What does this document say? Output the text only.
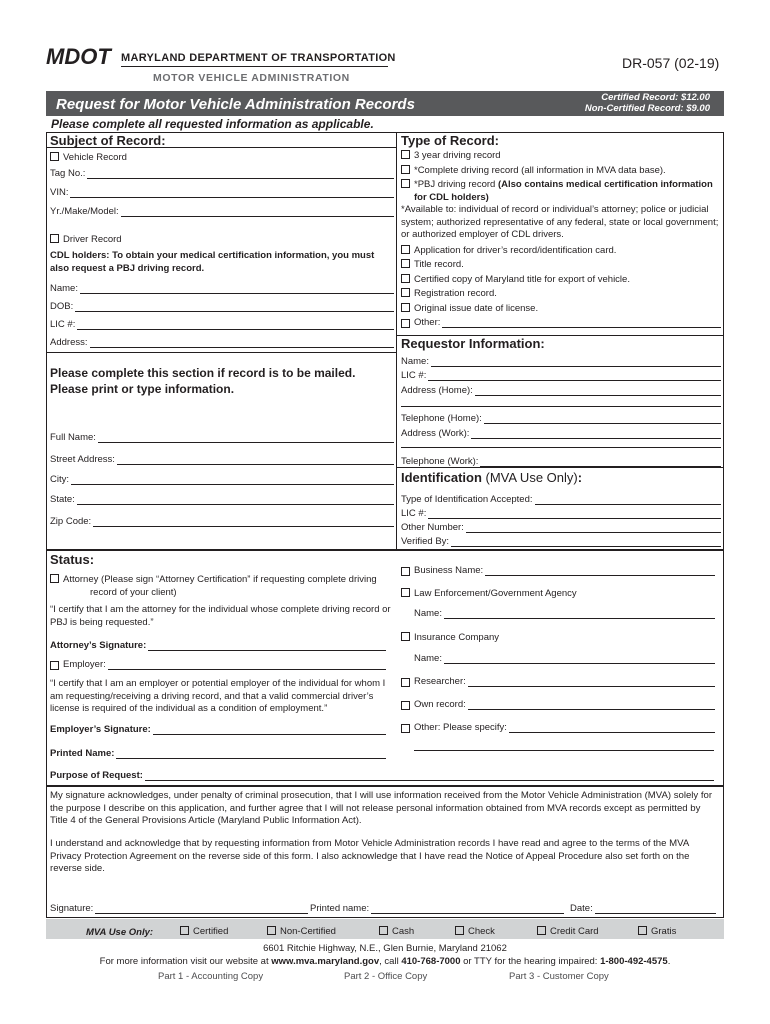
MDOT MARYLAND DEPARTMENT OF TRANSPORTATION
MOTOR VEHICLE ADMINISTRATION
DR-057 (02-19)
Request for Motor Vehicle Administration Records	Certified Record: $12.00
Non-Certified Record: $9.00
Please complete all requested information as applicable.
Subject of Record:
Vehicle Record
Tag No.:
VIN:
Yr./Make/Model:
Driver Record

CDL holders: To obtain your medical certification information, you must also request a PBJ driving record.

Name:
DOB:
LIC #:
Address:
Please complete this section if record is to be mailed.
Please print or type information.
Full Name:
Street Address:
City:
State:
Zip Code:
Type of Record:
3 year driving record
*Complete driving record (all information in MVA data base).
*PBJ driving record (Also contains medical certification information for CDL holders)
*Available to: individual of record or individual’s attorney; police or judicial system; authorized representative of any federal, state or local government; or authorized employer of CDL drivers.
Application for driver’s record/identification card.
Title record.
Certified copy of Maryland title for export of vehicle.
Registration record.
Original issue date of license.
Other:
Requestor Information:
Name:
LIC #:
Address (Home):
Telephone (Home):
Address (Work):
Telephone (Work):
Identification (MVA Use Only):
Type of Identification Accepted:
LIC #:
Other Number:
Verified By:
Status:
Attorney (Please sign “Attorney Certification” if requesting complete driving record of your client)

“I certify that I am the attorney for the individual whose complete driving record or PBJ is being requested.”

Attorney’s Signature:
Employer:

“I certify that I am an employer or potential employer of the individual for whom I am requesting/receiving a driving record, and that a valid commercial driver’s license is required of the individual as a condition of employment.”

Employer’s Signature:
Printed Name:
Business Name:
Law Enforcement/Government Agency
Name:
Insurance Company
Name:
Researcher:
Own record:
Other: Please specify:
Purpose of Request:

My signature acknowledges, under penalty of criminal prosecution, that I will use information received from the Motor Vehicle Administration (MVA) solely for the purpose I describe on this application, and further agree that I will not release personal information obtained from MVA records except as permitted by Title 4 of the General Provisions Article (Maryland Public Information Act).

I understand and acknowledge that by requesting information from Motor Vehicle Administration records I have read and agree to the terms of the MVA Privacy Protection Agreement on the reverse side of this form. I also acknowledge that I have read the Notice of Appeal Procedure also set forth on the reverse side.

Signature:	Printed name:	Date:
MVA Use Only:	Certified	Non-Certified	Cash	Check	Credit Card	Gratis
6601 Ritchie Highway, N.E., Glen Burnie, Maryland 21062
For more information visit our website at www.mva.maryland.gov, call 410-768-7000 or TTY for the hearing impaired: 1-800-492-4575.
Part 1 - Accounting Copy	Part 2 - Office Copy	Part 3 - Customer Copy
